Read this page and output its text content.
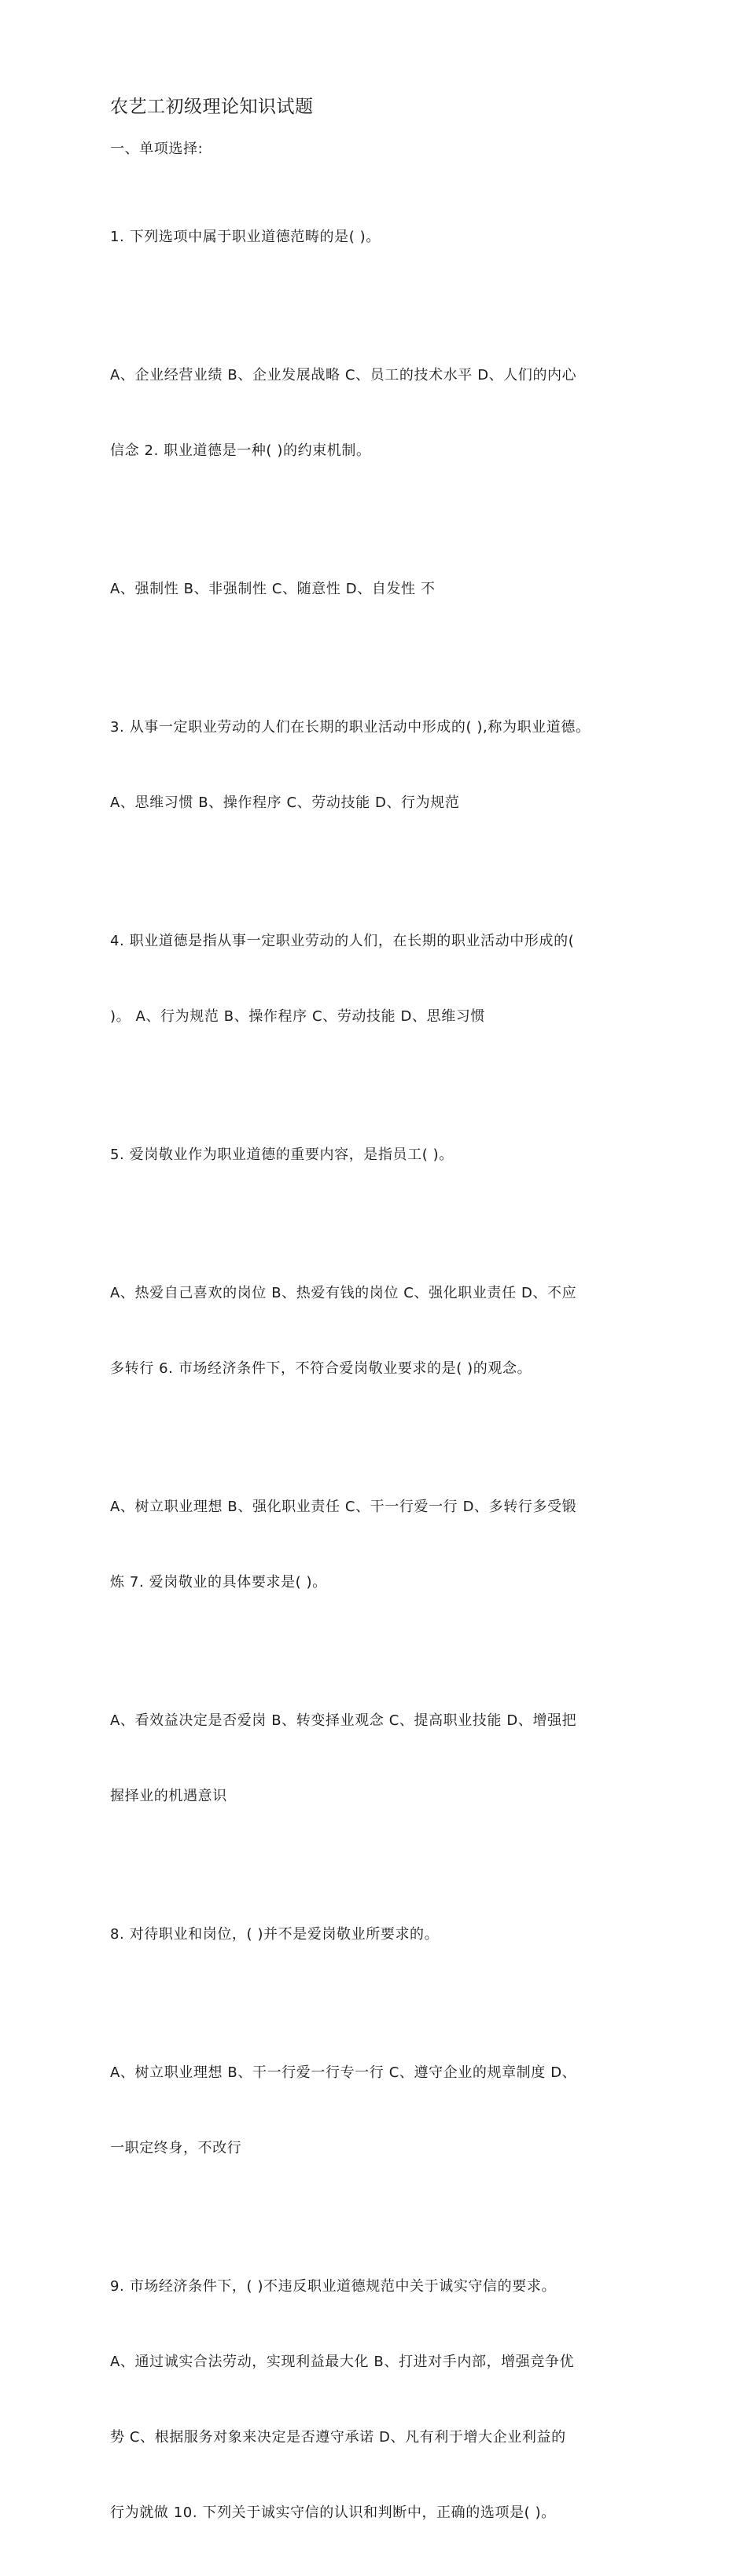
农艺工初级理论知识试题
一、单项选择:

1. 下列选项中属于职业道德范畴的是( )。

A、企业经营业绩 B、企业发展战略 C、员工的技术水平 D、人们的内心

信念 2. 职业道德是一种( )的约束机制。

A、强制性 B、非强制性 C、随意性 D、自发性 不

3. 从事一定职业劳动的人们在长期的职业活动中形成的( ),称为职业道德。

A、思维习惯 B、操作程序 C、劳动技能 D、行为规范

4. 职业道德是指从事一定职业劳动的人们，在长期的职业活动中形成的(

)。 A、行为规范 B、操作程序 C、劳动技能 D、思维习惯

5. 爱岗敬业作为职业道德的重要内容，是指员工( )。

A、热爱自己喜欢的岗位 B、热爱有钱的岗位 C、强化职业责任 D、不应

多转行 6. 市场经济条件下，不符合爱岗敬业要求的是( )的观念。

A、树立职业理想 B、强化职业责任 C、干一行爱一行 D、多转行多受锻

炼 7. 爱岗敬业的具体要求是( )。

A、看效益决定是否爱岗 B、转变择业观念 C、提高职业技能 D、增强把

握择业的机遇意识

8. 对待职业和岗位，( )并不是爱岗敬业所要求的。

A、树立职业理想 B、干一行爱一行专一行 C、遵守企业的规章制度 D、

一职定终身，不改行

9. 市场经济条件下，( )不违反职业道德规范中关于诚实守信的要求。

A、通过诚实合法劳动，实现利益最大化 B、打进对手内部，增强竞争优

势 C、根据服务对象来决定是否遵守承诺 D、凡有利于增大企业利益的

行为就做 10. 下列关于诚实守信的认识和判断中，正确的选项是( )。
